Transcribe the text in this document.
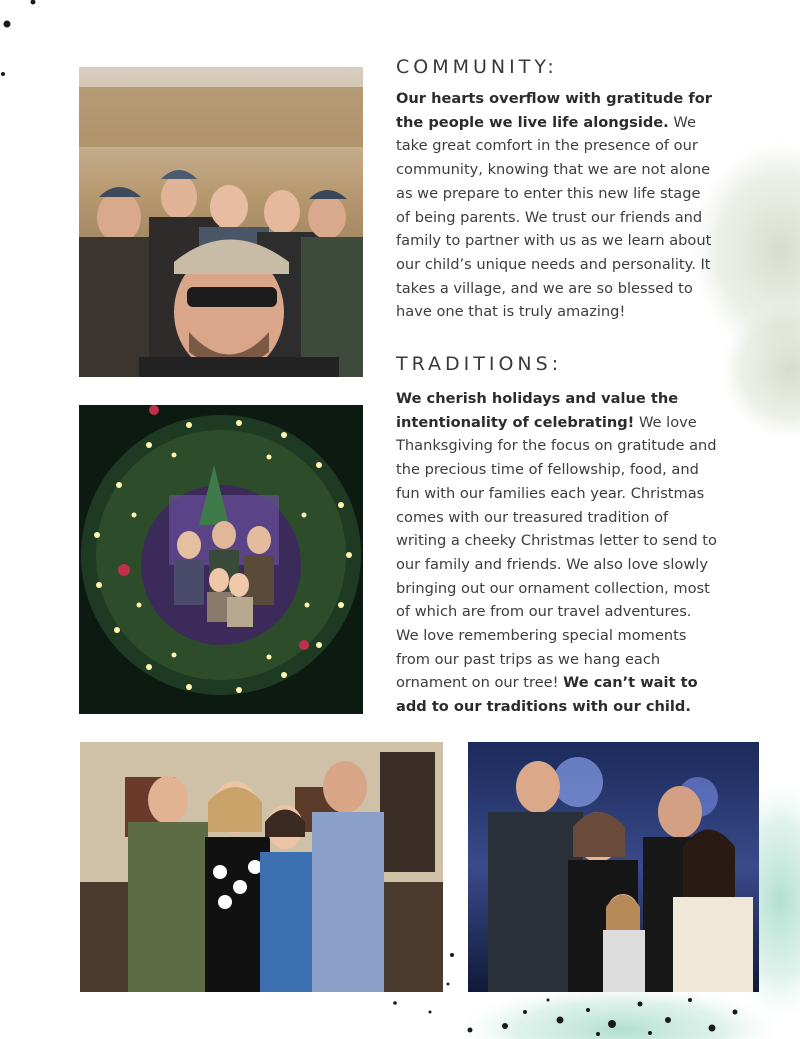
COMMUNITY:

Our hearts overflow with gratitude for the people we live life alongside. We take great comfort in the presence of our community, knowing that we are not alone as we prepare to enter this new life stage of being parents. We trust our friends and family to partner with us as we learn about our child’s unique needs and personality. It takes a village, and we are so blessed to have one that is truly amazing!

TRADITIONS:

We cherish holidays and value the intentionality of celebrating! We love Thanksgiving for the focus on gratitude and the precious time of fellowship, food, and fun with our families each year. Christmas comes with our treasured tradition of writing a cheeky Christmas letter to send to our family and friends. We also love slowly bringing out our ornament collection, most of which are from our travel adventures. We love remembering special moments from our past trips as we hang each ornament on our tree! We can’t wait to add to our traditions with our child.
